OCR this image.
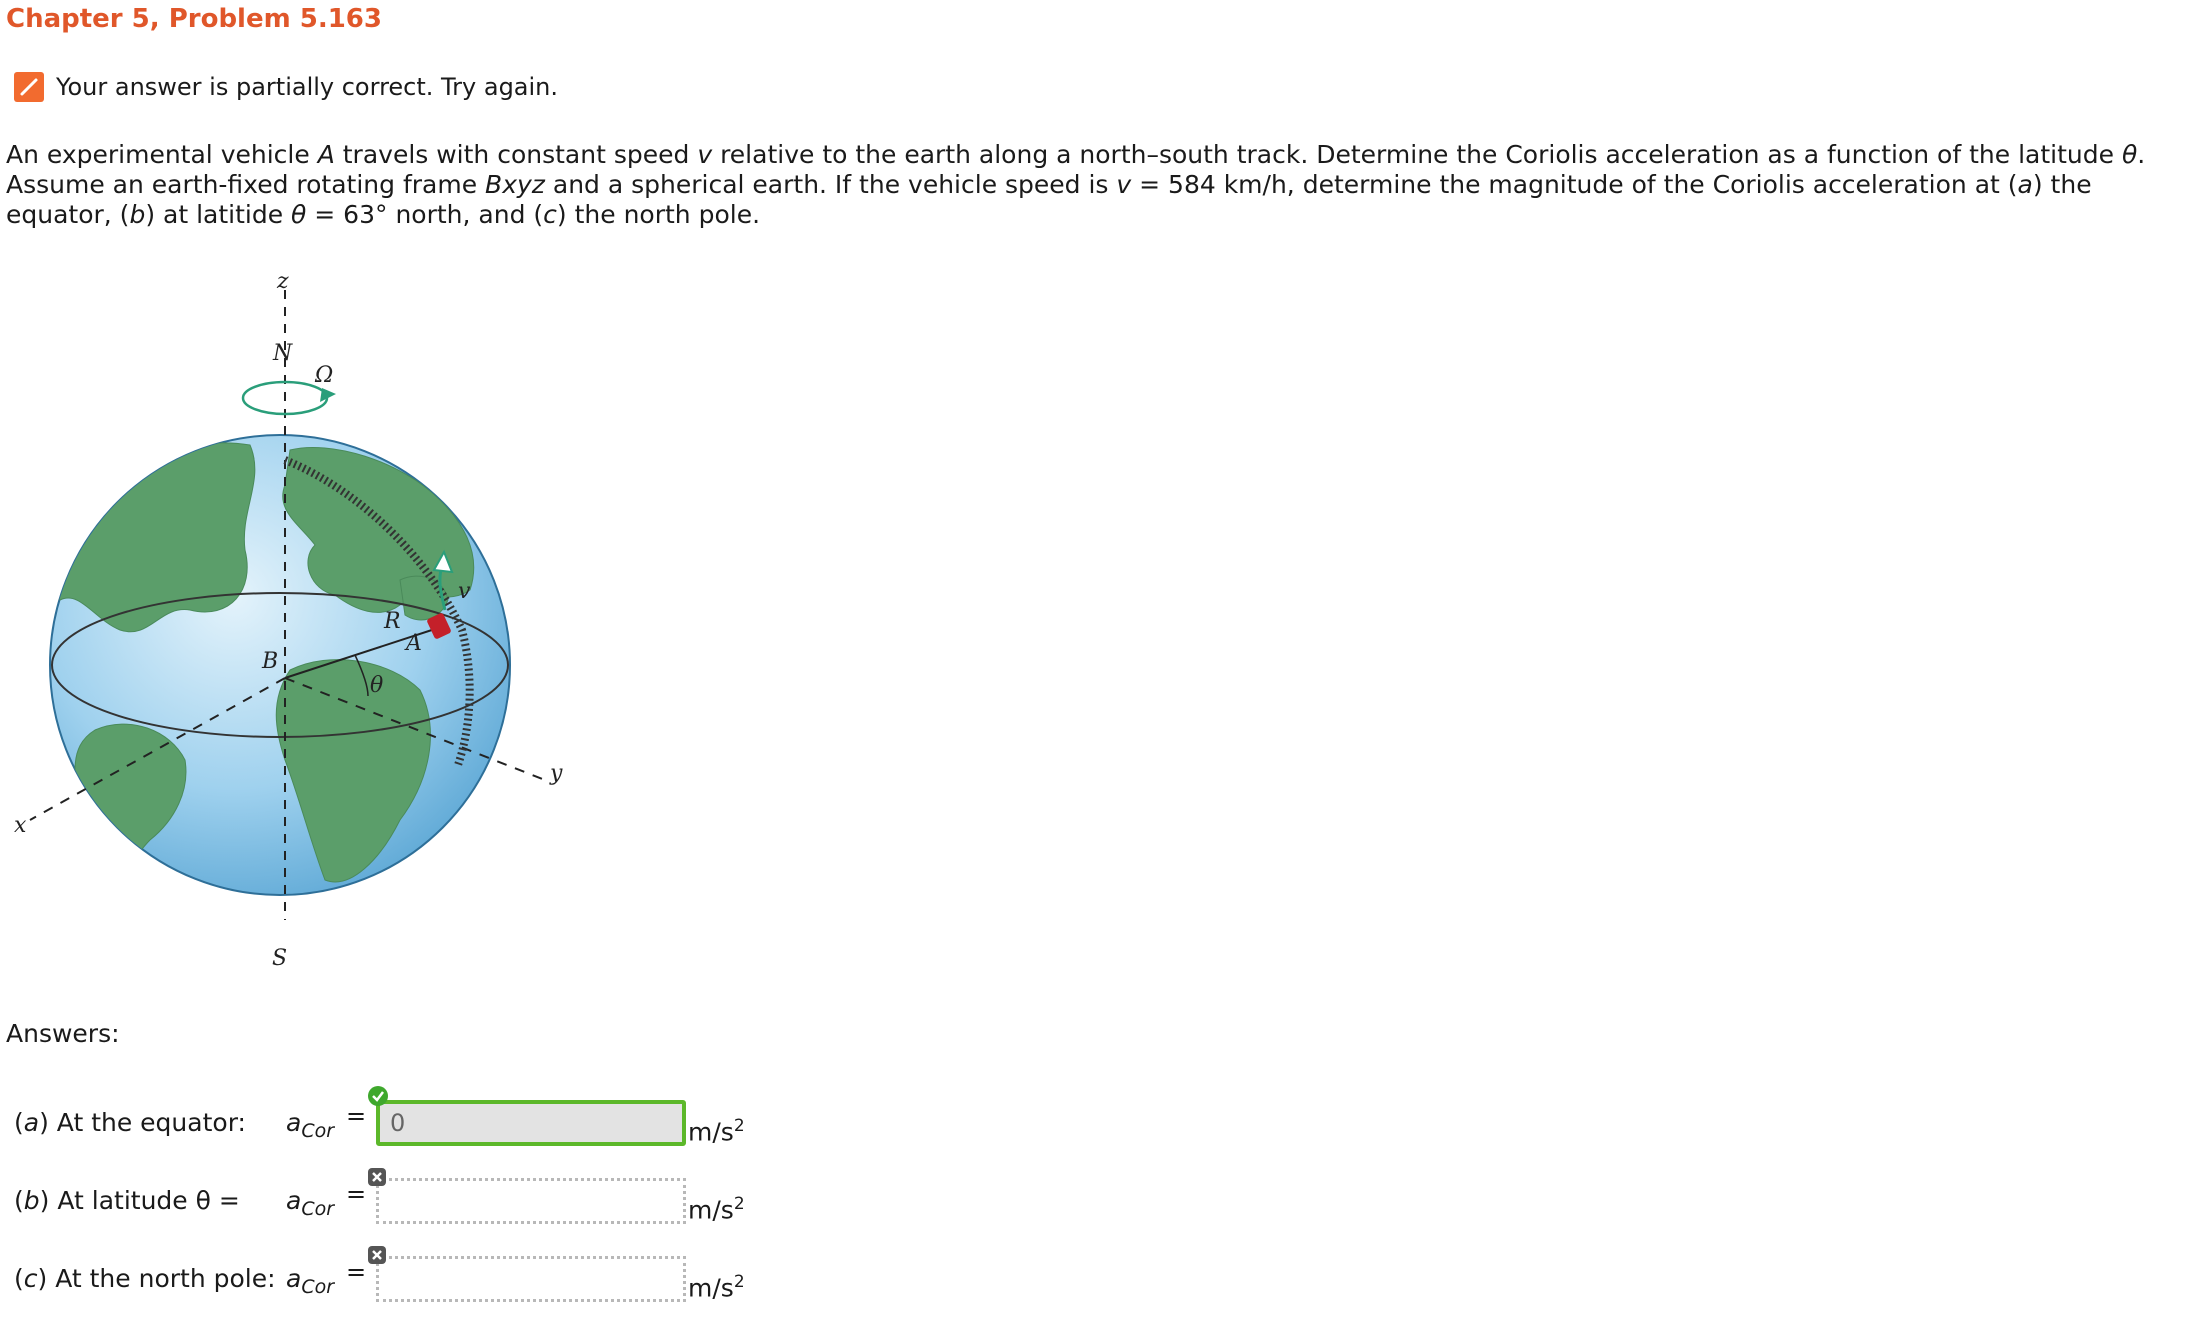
Chapter 5, Problem 5.163
Your answer is partially correct. Try again.
An experimental vehicle A travels with constant speed v relative to the earth along a north–south track. Determine the Coriolis acceleration as a function of the latitude θ. Assume an earth-fixed rotating frame Bxyz and a spherical earth. If the vehicle speed is v = 584 km/h, determine the magnitude of the Coriolis acceleration at (a) the equator, (b) at latitide θ = 63° north, and (c) the north pole.
z
N
Ω
R
A
v
B
θ
y
x
S
Answers:
(a) At the equator: $a_{Cor}$
=
0
$m/s^2$
(b) At latitude $\theta = a_{Cor}$
=
$m/s^2$
(c) At the north pole: $a_{Cor}$
=
$m/s^2$
